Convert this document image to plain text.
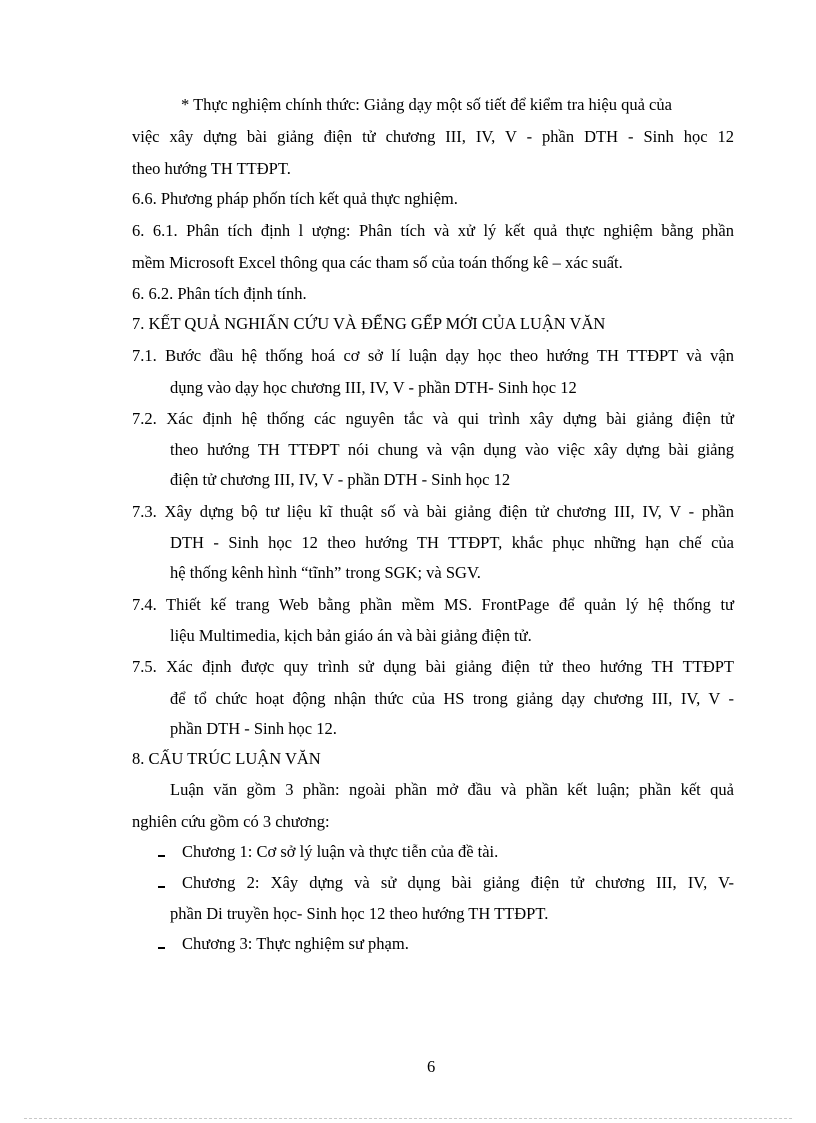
* Thực nghiệm chính thức: Giảng dạy một số tiết để kiểm tra hiệu quả của
việc xây dựng bài giảng điện tử chương III, IV, V - phần DTH - Sinh học 12
theo hướng TH TTĐPT.
6.6. Phương pháp phốn tích kết quả thực nghiệm.
6. 6.1. Phân tích định l ượng: Phân tích và xử lý kết quả thực nghiệm bằng phần
mềm Microsoft Excel thông qua các tham số của toán thống kê – xác suất.
6. 6.2. Phân tích định tính.
7. KẾT QUẢ NGHIẤN CỨU VÀ ĐỂNG GỂP MỚI CỦA LUẬN VĂN
7.1. Bước đầu hệ thống hoá cơ sở lí luận dạy học theo hướng TH TTĐPT và vận
dụng vào dạy học chương III, IV, V - phần DTH- Sinh học 12
7.2. Xác định hệ thống các nguyên tắc và qui trình xây dựng bài giảng điện tử
theo hướng TH TTĐPT nói chung và vận dụng vào việc xây dựng bài giảng
điện tử chương III, IV, V - phần DTH - Sinh học 12
7.3. Xây dựng bộ tư liệu kĩ thuật số và bài giảng điện tử chương III, IV, V - phần
DTH - Sinh học 12 theo hướng TH TTĐPT, khắc phục những hạn chế của
hệ thống kênh hình “tĩnh” trong SGK; và SGV.
7.4. Thiết kế trang Web bằng phần mềm MS. FrontPage để quản lý hệ thống tư
liệu Multimedia, kịch bản giáo án và bài giảng điện tử.
7.5. Xác định được quy trình sử dụng bài giảng điện tử theo hướng TH TTĐPT
để tổ chức hoạt động nhận thức của HS trong giảng dạy chương III, IV, V -
phần DTH - Sinh học 12.
8. CẤU TRÚC LUẬN VĂN
Luận văn gồm 3 phần: ngoài phần mở đầu và phần kết luận; phần kết quả
nghiên cứu gồm có 3 chương:
Chương 1: Cơ sở lý luận và thực tiễn của đề tài.
Chương 2: Xây dựng và sử dụng bài giảng điện tử chương III, IV, V-
phần Di truyền học- Sinh học 12 theo hướng TH TTĐPT.
Chương 3: Thực nghiệm sư phạm.
6
